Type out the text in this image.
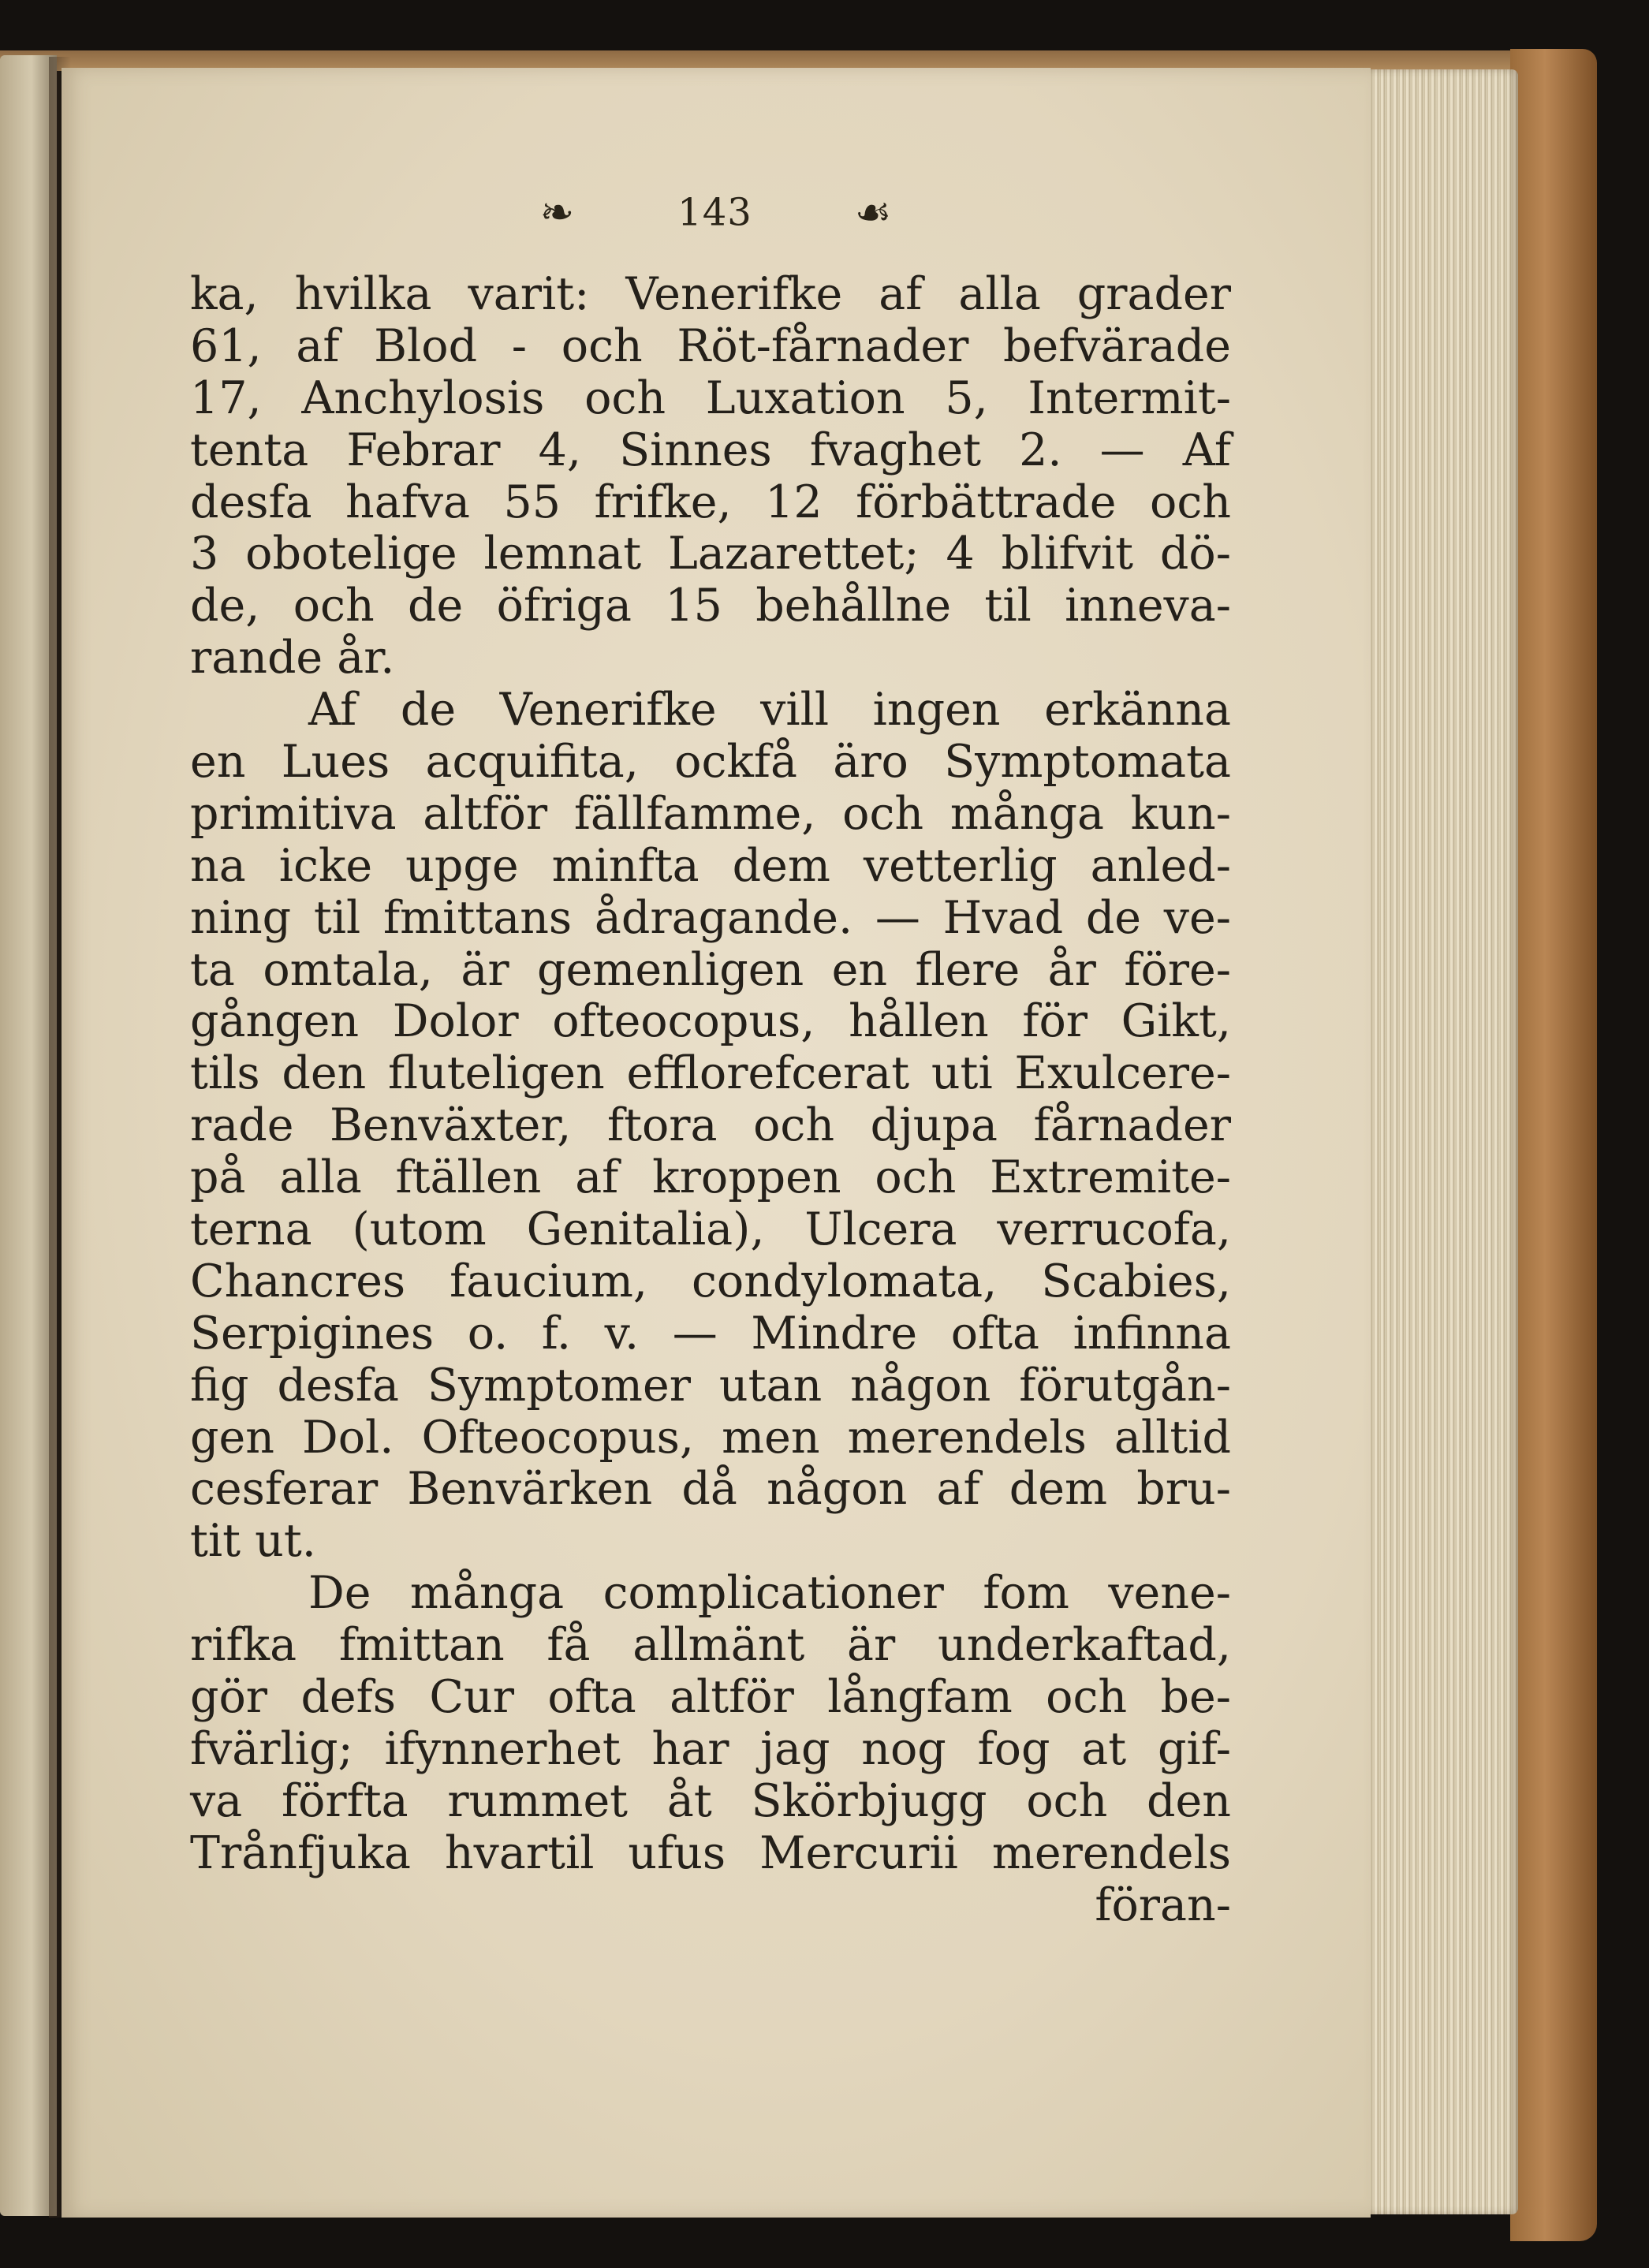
❧	143	☙
ka, hvilka varit: Venerifke af alla grader
61, af Blod - och Röt-fårnader befvärade
17, Anchylosis och Luxation 5, Intermit-
tenta Febrar 4, Sinnes fvaghet 2. — Af
desfa hafva 55 frifke, 12 förbättrade och
3 obotelige lemnat Lazarettet; 4 blifvit dö-
de, och de öfriga 15 behållne til inneva-
rande år.
Af de Venerifke vill ingen erkänna
en Lues acquifita, ockfå äro Symptomata
primitiva altför fällfamme, och många kun-
na icke upge minfta dem vetterlig anled-
ning til fmittans ådragande. — Hvad de ve-
ta omtala, är gemenligen en flere år före-
gången Dolor ofteocopus, hållen för Gikt,
tils den fluteligen efflorefcerat uti Exulcere-
rade Benväxter, ftora och djupa fårnader
på alla ftällen af kroppen och Extremite-
terna (utom Genitalia), Ulcera verrucofa,
Chancres faucium, condylomata, Scabies,
Serpigines o. f. v. — Mindre ofta infinna
fig desfa Symptomer utan någon förutgån-
gen Dol. Ofteocopus, men merendels alltid
cesferar Benvärken då någon af dem bru-
tit ut.
De många complicationer fom vene-
rifka fmittan få allmänt är underkaftad,
gör defs Cur ofta altför långfam och be-
fvärlig; ifynnerhet har jag nog fog at gif-
va förfta rummet åt Skörbjugg och den
Trånfjuka hvartil ufus Mercurii merendels
föran-
